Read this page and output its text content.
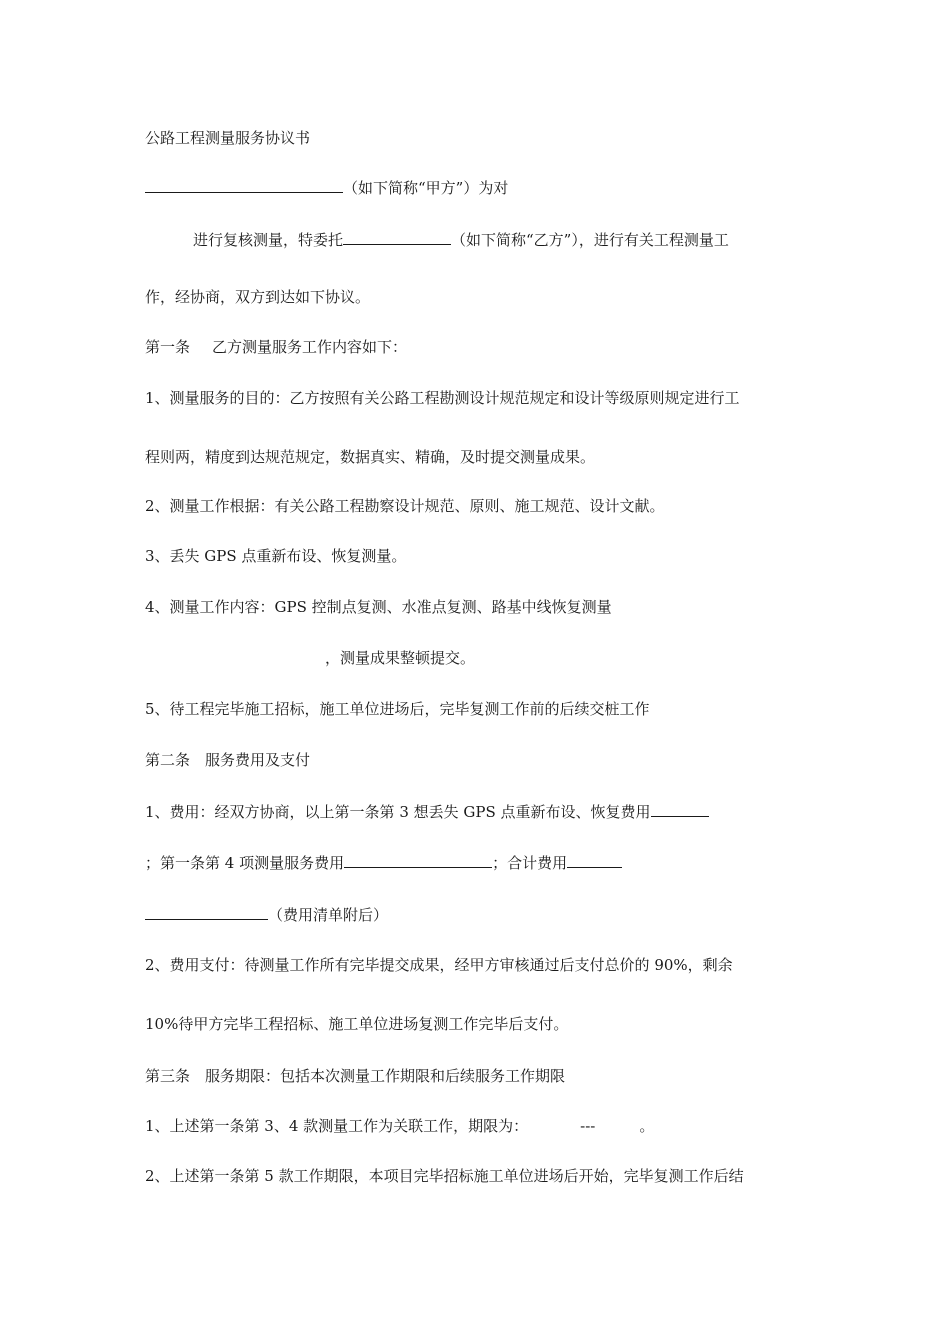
公路工程测量服务协议书
（如下简称“甲方”）为对
进行复核测量，特委托	（如下简称“乙方”），进行有关工程测量工
作，经协商，双方到达如下协议。
第一条 乙方测量服务工作内容如下：
1、测量服务的目的：乙方按照有关公路工程勘测设计规范规定和设计等级原则规定进行工
程则两，精度到达规范规定，数据真实、精确，及时提交测量成果。
2、测量工作根据：有关公路工程勘察设计规范、原则、施工规范、设计文献。
3、丢失 GPS 点重新布设、恢复测量。
4、测量工作内容：GPS 控制点复测、水准点复测、路基中线恢复测量
，测量成果整顿提交。
5、待工程完毕施工招标，施工单位进场后，完毕复测工作前的后续交桩工作
第二条 服务费用及支付
1、费用：经双方协商，以上第一条第 3 想丢失 GPS 点重新布设、恢复费用
；第一条第 4 项测量服务费用	；合计费用
（费用清单附后）
2、费用支付：待测量工作所有完毕提交成果，经甲方审核通过后支付总价的 90%，剩余
10%待甲方完毕工程招标、施工单位进场复测工作完毕后支付。
第三条 服务期限：包括本次测量工作期限和后续服务工作期限
1、上述第一条第 3、4 款测量工作为关联工作，期限为：	---	。
2、上述第一条第 5 款工作期限，本项目完毕招标施工单位进场后开始，完毕复测工作后结
